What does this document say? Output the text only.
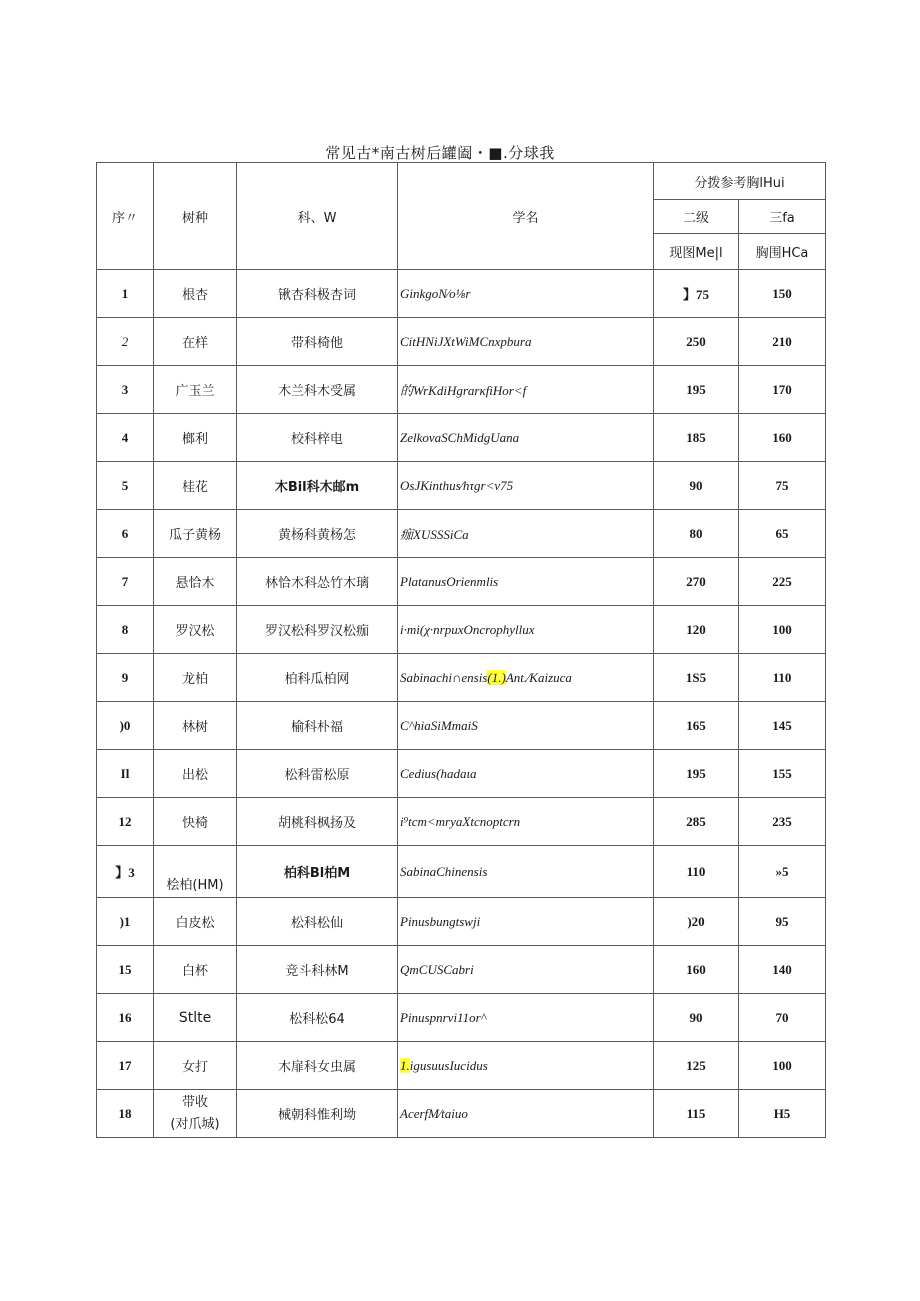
常见古*南古树后罐阖・■.分球我
序〃	树种	科、W	学名	分拨参考胸lHui	
				二级	三fa
				现图Me|l	胸围HCa
1	根杏	锹杏科极杏词	GinkgoN∕o⅛r	】75	150
2	在样	带科椅他	CitHNiJXtWiMCnxpbura	250	210
3	广玉兰	木兰科木受属	的WrKdiHgrarκfiHor<f	195	170
4	榔利	校科梓电	ZelkovaSChMidgUana	185	160
5	桂花	木Bil科木邮m	OsJKinthus∕hτgr<v75	90	75
6	瓜子黄杨	黄杨科黄杨怎	痂XUSSSiCa	80	65
7	悬恰木	林恰木科怂竹木璃	PlatanusOrienmlis	270	225
8	罗汉松	罗汉松科罗汉松痂	i∙mi(χ∙nrpuxOncrophyllux	120	100
9	龙柏	柏科瓜柏网	Sabinachi∩ensis(1.)Ant.∕Kaizuca	1S5	110
)0	林树	榆科朴福	C^hiaSiMmaiS	165	145
Il	出松	松科雷松原	Cedius(hadaιa	195	155
12	快椅	胡桃科枫扬及	i⁹tcm<mryaXtcnoptcrn	285	235
】3	桧柏(HM)	柏科Bl柏M	SabinaChinensis	110	»5
)1	白皮松	松科松仙	Pinusbungtswji	)20	95
15	白杯	竞斗科林M	QmCUSCabri	160	140
16	Stlte	松科松64	Pinuspnrvi11or^	90	70
17	女打	木扉科女虫属	1.igusuusIucidus	125	100
18	带收
(对爪城)	械朝科惟利坳	AcerfM∕taiuo	115	H5
